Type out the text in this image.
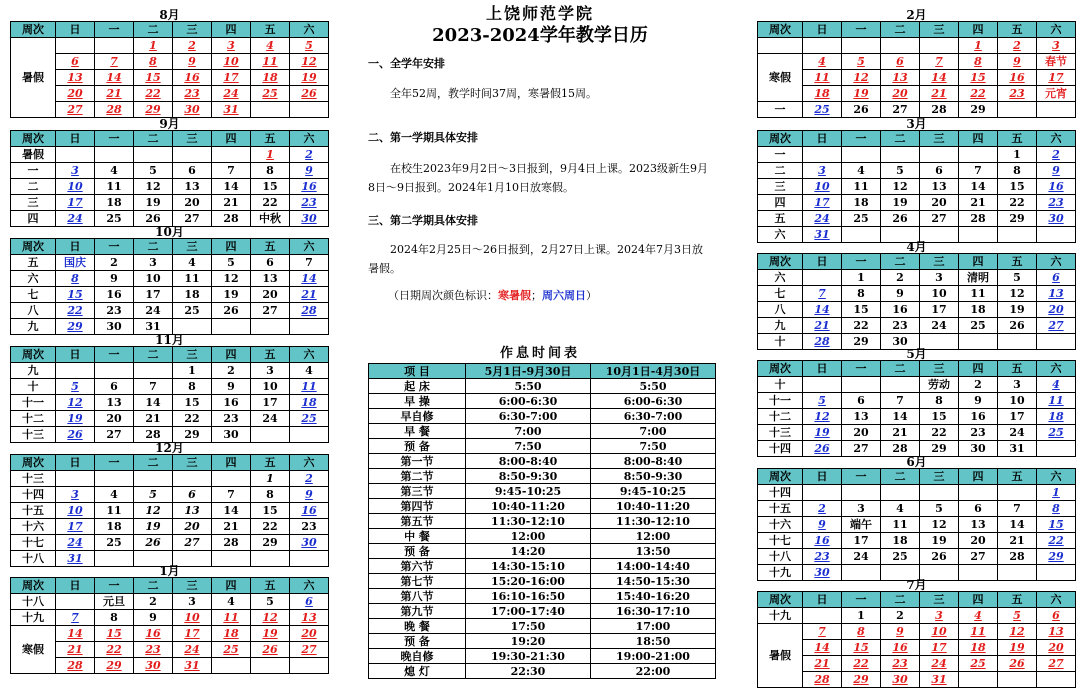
上饶师范学院
2023-2024学年教学日历
一、全学年安排
全年52周，教学时间37周，寒暑假15周。
二、第一学期具体安排
在校生2023年9月2日～3日报到，9月4日上课。2023级新生9月8日～9日报到。2024年1月10日放寒假。
三、第二学期具体安排
2024年2月25日～26日报到，2月27日上课。2024年7月3日放暑假。
（日期周次颜色标识：寒暑假；周六周日）
作息时间表
项 目	5月1日-9月30日	10月1日-4月30日
起 床	5:50	5:50
早 操	6:00-6:30	6:00-6:30
早自修	6:30-7:00	6:30-7:00
早 餐	7:00	7:00
预 备	7:50	7:50
第一节	8:00-8:40	8:00-8:40
第二节	8:50-9:30	8:50-9:30
第三节	9:45-10:25	9:45-10:25
第四节	10:40-11:20	10:40-11:20
第五节	11:30-12:10	11:30-12:10
中 餐	12:00	12:00
预 备	14:20	13:50
第六节	14:30-15:10	14:00-14:40
第七节	15:20-16:00	14:50-15:30
第八节	16:10-16:50	15:40-16:20
第九节	17:00-17:40	16:30-17:10
晚 餐	17:50	17:00
预 备	19:20	18:50
晚自修	19:30-21:30	19:00-21:00
熄 灯	22:30	22:00
8月
周次	日	一	二	三	四	五	六
暑假			1	2	3	4	5
	6	7	8	9	10	11	12
	13	14	15	16	17	18	19
	20	21	22	23	24	25	26
	27	28	29	30	31		
9月
周次	日	一	二	三	四	五	六
暑假						1	2
一	3	4	5	6	7	8	9
二	10	11	12	13	14	15	16
三	17	18	19	20	21	22	23
四	24	25	26	27	28	中秋	30
10月
周次	日	一	二	三	四	五	六
五	国庆	2	3	4	5	6	7
六	8	9	10	11	12	13	14
七	15	16	17	18	19	20	21
八	22	23	24	25	26	27	28
九	29	30	31				
11月
周次	日	一	二	三	四	五	六
九				1	2	3	4
十	5	6	7	8	9	10	11
十一	12	13	14	15	16	17	18
十二	19	20	21	22	23	24	25
十三	26	27	28	29	30		
12月
周次	日	一	二	三	四	五	六
十三						1	2
十四	3	4	5	6	7	8	9
十五	10	11	12	13	14	15	16
十六	17	18	19	20	21	22	23
十七	24	25	26	27	28	29	30
十八	31						
1月
周次	日	一	二	三	四	五	六
十八		元旦	2	3	4	5	6
十九	7	8	9	10	11	12	13
寒假	14	15	16	17	18	19	20
	21	22	23	24	25	26	27
	28	29	30	31			
2月
周次	日	一	二	三	四	五	六
					1	2	3
寒假	4	5	6	7	8	9	春节
	11	12	13	14	15	16	17
	18	19	20	21	22	23	元宵
一	25	26	27	28	29		
3月
周次	日	一	二	三	四	五	六
一						1	2
二	3	4	5	6	7	8	9
三	10	11	12	13	14	15	16
四	17	18	19	20	21	22	23
五	24	25	26	27	28	29	30
六	31						
4月
周次	日	一	二	三	四	五	六
六		1	2	3	清明	5	6
七	7	8	9	10	11	12	13
八	14	15	16	17	18	19	20
九	21	22	23	24	25	26	27
十	28	29	30				
5月
周次	日	一	二	三	四	五	六
十				劳动	2	3	4
十一	5	6	7	8	9	10	11
十二	12	13	14	15	16	17	18
十三	19	20	21	22	23	24	25
十四	26	27	28	29	30	31	
6月
周次	日	一	二	三	四	五	六
十四							1
十五	2	3	4	5	6	7	8
十六	9	端午	11	12	13	14	15
十七	16	17	18	19	20	21	22
十八	23	24	25	26	27	28	29
十九	30						
7月
周次	日	一	二	三	四	五	六
十九		1	2	3	4	5	6
暑假	7	8	9	10	11	12	13
	14	15	16	17	18	19	20
	21	22	23	24	25	26	27
	28	29	30	31			
